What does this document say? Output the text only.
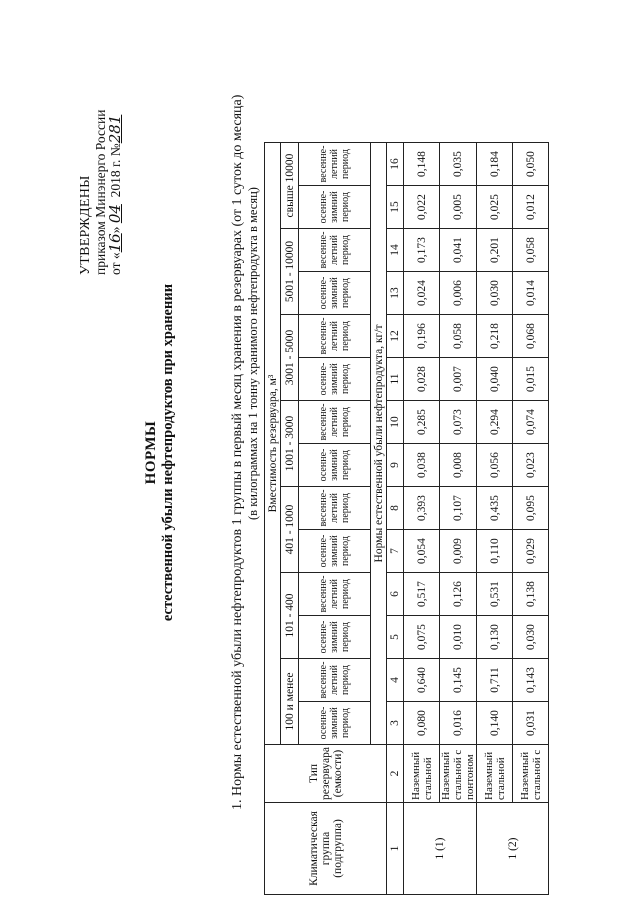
УТВЕРЖДЕНЫ приказом Минэнерго России от «16» 04  2018 г. №281
НОРМЫ естественной убыли нефтепродуктов при хранении	1. Нормы естественной убыли нефтепродуктов 1 группы в первый месяц хранения в резервуарах (от 1 суток до месяца) (в килограммах на 1 тонну хранимого нефтепродукта в месяц)
Климатическая группа (подгруппа)	Тип резервуара (емкости)	Вместимость резервуара, м³													
		100 и менее		101 - 400		401 - 1000		1001 - 3000		3001 - 5000		5001 - 10000		свыше 10000	

		осенне-зимний период	весенне-летний период	осенне-зимний период	весенне-летний период	осенне-зимний период	весенне-летний период	осенне-зимний период	весенне-летний период	осенне-зимний период	весенне-летний период	осенне-зимний период	весенне-летний период	осенне-зимний период	весенне-летний период

		Нормы естественной убыли нефтепродукта, кг/т													
1	2	3	4	5	6	7	8	9	10	11	12	13	14	15	16
1 (1)	Наземный стальной	0,080	0,640	0,075	0,517	0,054	0,393	0,038	0,285	0,028	0,196	0,024	0,173	0,022	0,148
	Наземный стальной с понтоном	0,016	0,145	0,010	0,126	0,009	0,107	0,008	0,073	0,007	0,058	0,006	0,041	0,005	0,035
1 (2)	Наземный стальной	0,140	0,711	0,130	0,531	0,110	0,435	0,056	0,294	0,040	0,218	0,030	0,201	0,025	0,184
	Наземный стальной с	0,031	0,143	0,030	0,138	0,029	0,095	0,023	0,074	0,015	0,068	0,014	0,058	0,012	0,050
